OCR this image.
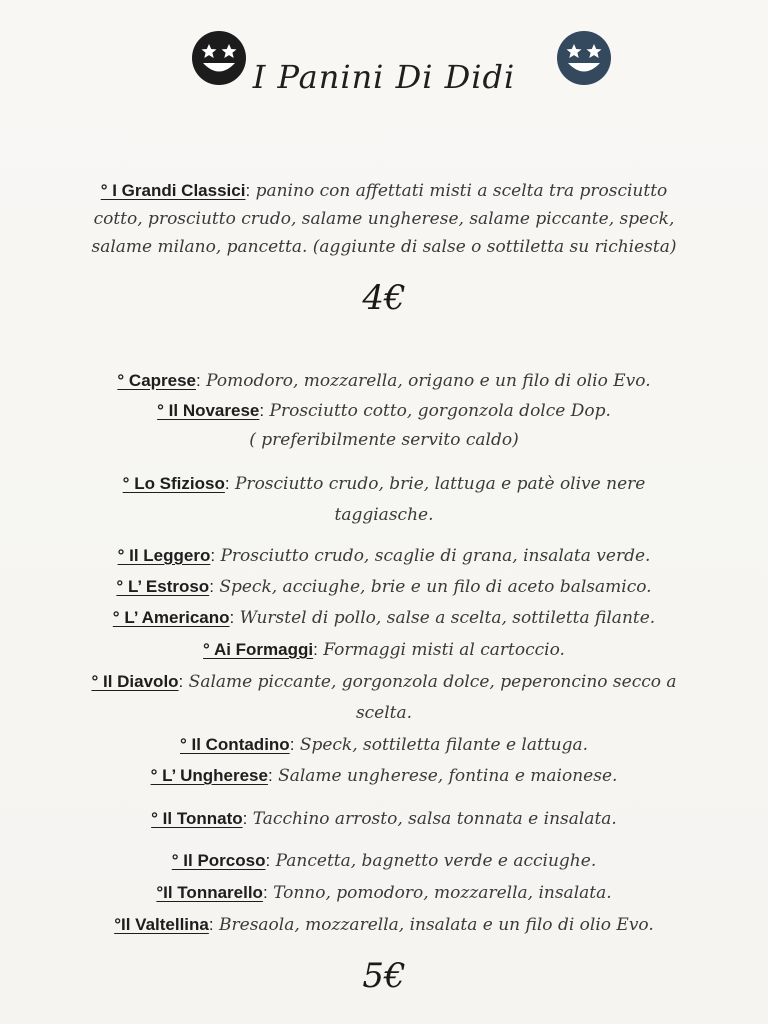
I Panini Di Didi
° I Grandi Classici: panino con affettati misti a scelta tra prosciutto
cotto, prosciutto crudo, salame ungherese, salame piccante, speck,
salame milano, pancetta. (aggiunte di salse o sottiletta su richiesta)
4€
° Caprese: Pomodoro, mozzarella, origano e un filo di olio Evo.
° Il Novarese: Prosciutto cotto, gorgonzola dolce Dop.
( preferibilmente servito caldo)
° Lo Sfizioso: Prosciutto crudo, brie, lattuga e patè olive nere
taggiasche.
° Il Leggero: Prosciutto crudo, scaglie di grana, insalata verde.
° L’ Estroso: Speck, acciughe, brie e un filo di aceto balsamico.
° L’ Americano: Wurstel di pollo, salse a scelta, sottiletta filante.
° Ai Formaggi: Formaggi misti al cartoccio.
° Il Diavolo: Salame piccante, gorgonzola dolce, peperoncino secco a
scelta.
° Il Contadino: Speck, sottiletta filante e lattuga.
° L’ Ungherese: Salame ungherese, fontina e maionese.
° Il Tonnato: Tacchino arrosto, salsa tonnata e insalata.
° Il Porcoso: Pancetta, bagnetto verde e acciughe.
°Il Tonnarello: Tonno, pomodoro, mozzarella, insalata.
°Il Valtellina: Bresaola, mozzarella, insalata e un filo di olio Evo.
5€
